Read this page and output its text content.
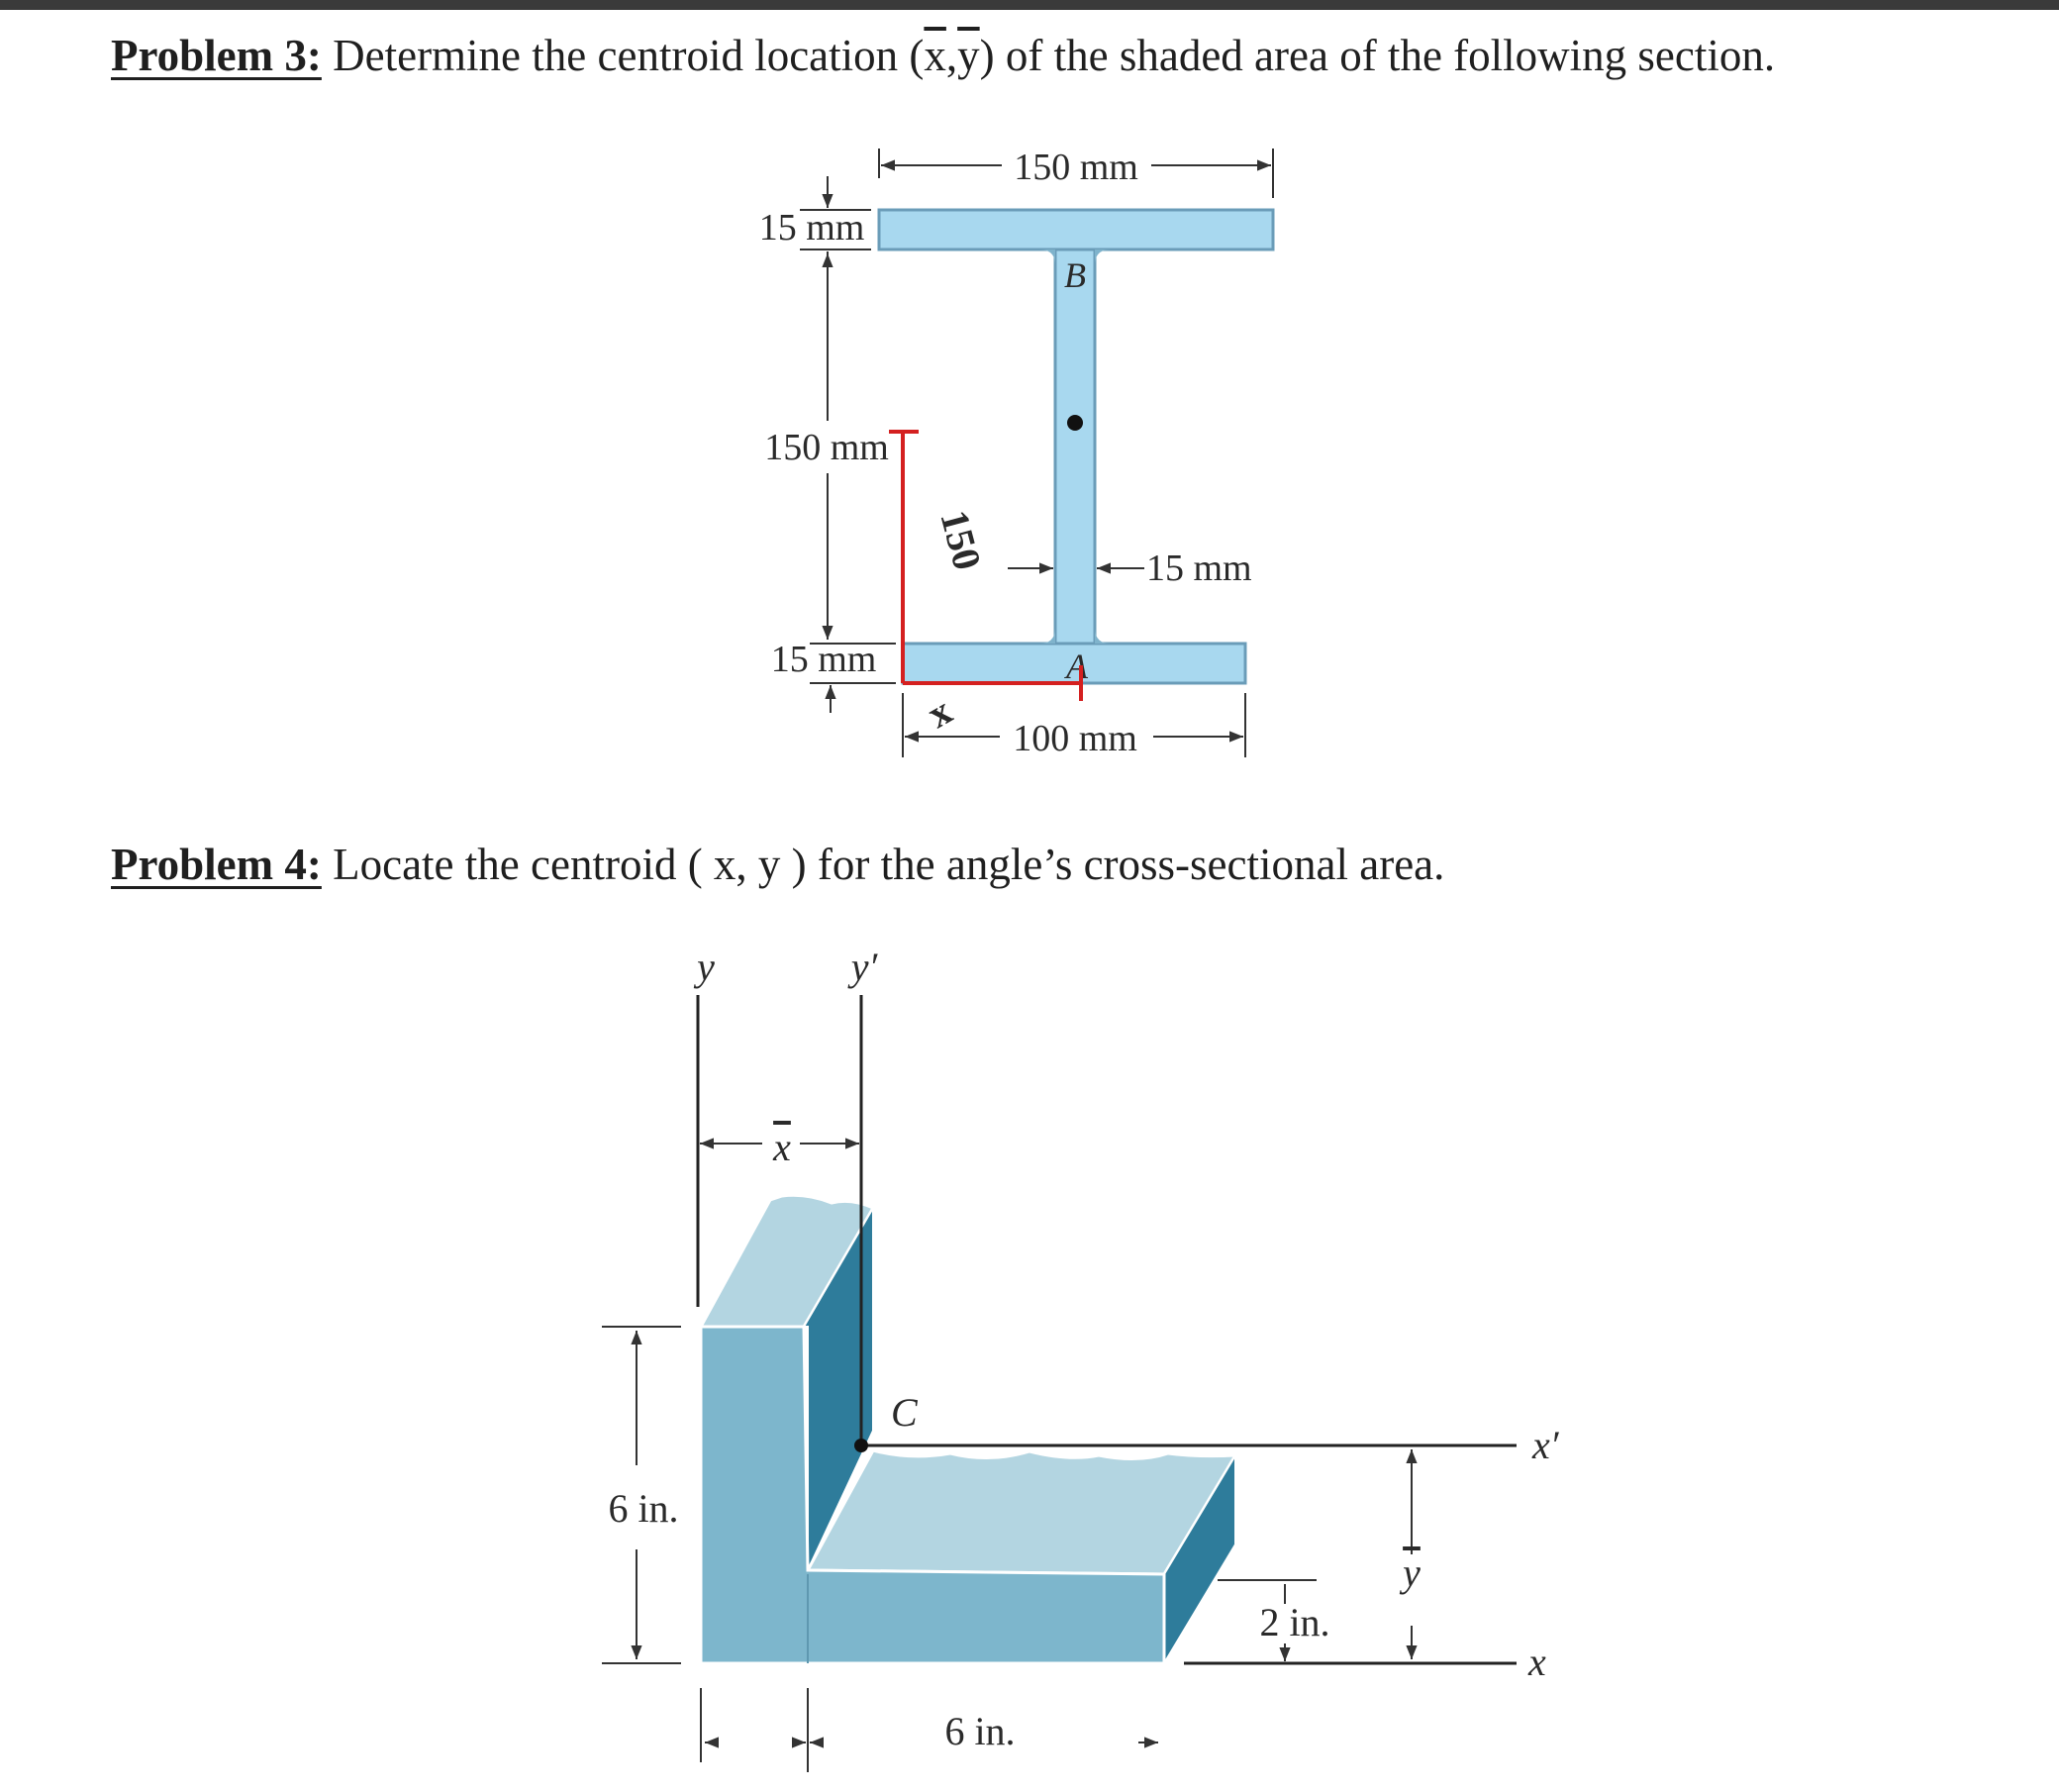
Problem 3: Determine the centroid location $(\overline{x},\overline{y})$ of the shaded area of the following section.
Problem 4: Locate the centroid ( x, y ) for the angle’s cross-sectional area.
B
A
150 mm
15 mm
150 mm
15 mm
15 mm
100 mm
150
x
y	y′
x′
x
C
x
y
6 in.
2 in.
6 in.
